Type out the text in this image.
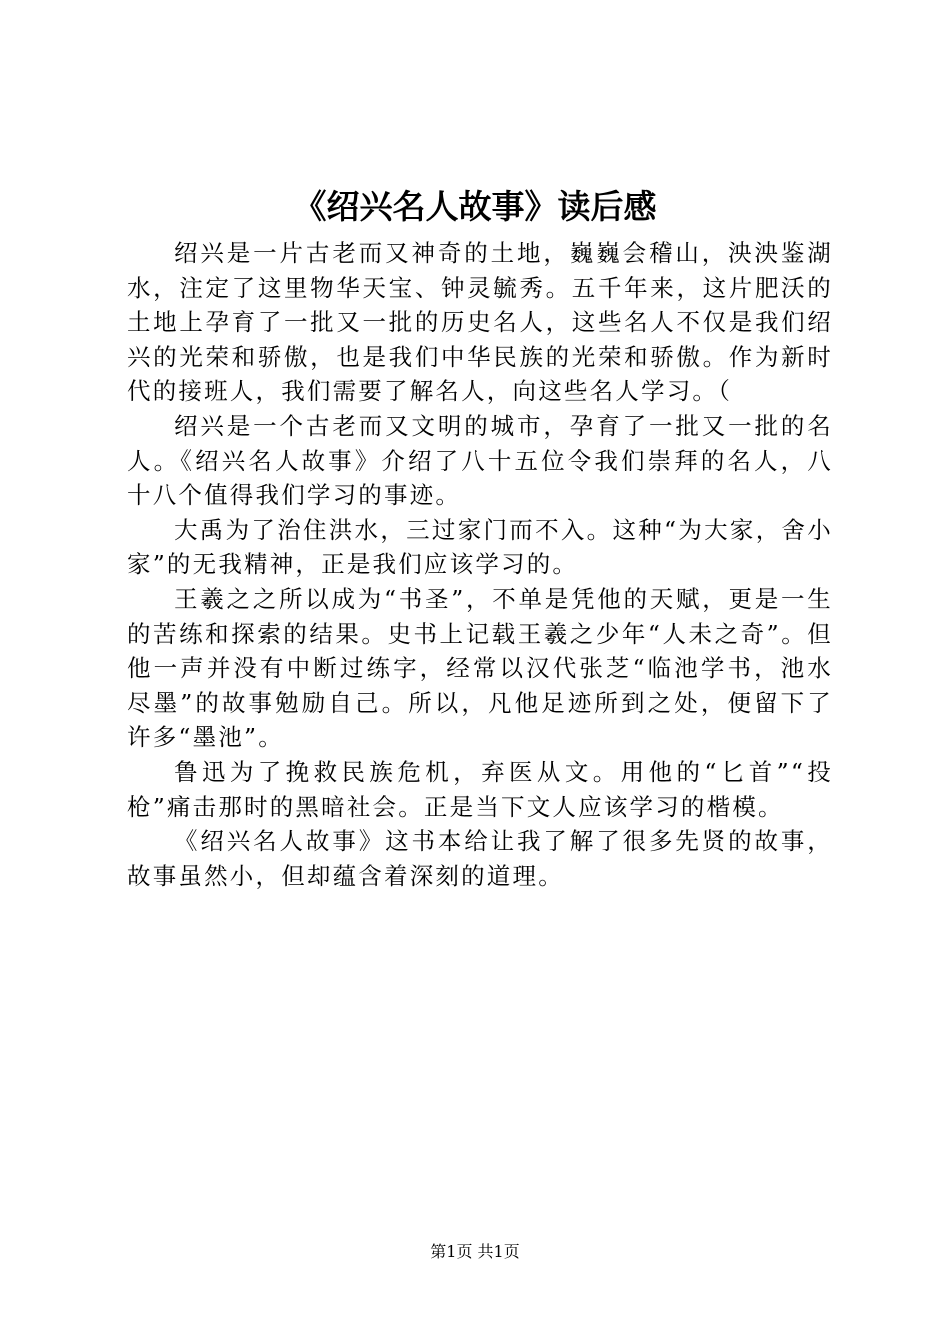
《绍兴名人故事》读后感

绍兴是一片古老而又神奇的土地，巍巍会稽山，泱泱鉴湖水，注定了这里物华天宝、钟灵毓秀。五千年来，这片肥沃的土地上孕育了一批又一批的历史名人，这些名人不仅是我们绍兴的光荣和骄傲，也是我们中华民族的光荣和骄傲。作为新时代的接班人，我们需要了解名人，向这些名人学习。（

绍兴是一个古老而又文明的城市，孕育了一批又一批的名人。《绍兴名人故事》介绍了八十五位令我们崇拜的名人，八十八个值得我们学习的事迹。

大禹为了治住洪水，三过家门而不入。这种“为大家，舍小家”的无我精神，正是我们应该学习的。

王羲之之所以成为“书圣”，不单是凭他的天赋，更是一生的苦练和探索的结果。史书上记载王羲之少年“人未之奇”。但他一声并没有中断过练字，经常以汉代张芝“临池学书，池水尽墨”的故事勉励自己。所以，凡他足迹所到之处，便留下了许多“墨池”。

鲁迅为了挽救民族危机，弃医从文。用他的“匕首”“投枪”痛击那时的黑暗社会。正是当下文人应该学习的楷模。

《绍兴名人故事》这书本给让我了解了很多先贤的故事，故事虽然小，但却蕴含着深刻的道理。

第1页 共1页
